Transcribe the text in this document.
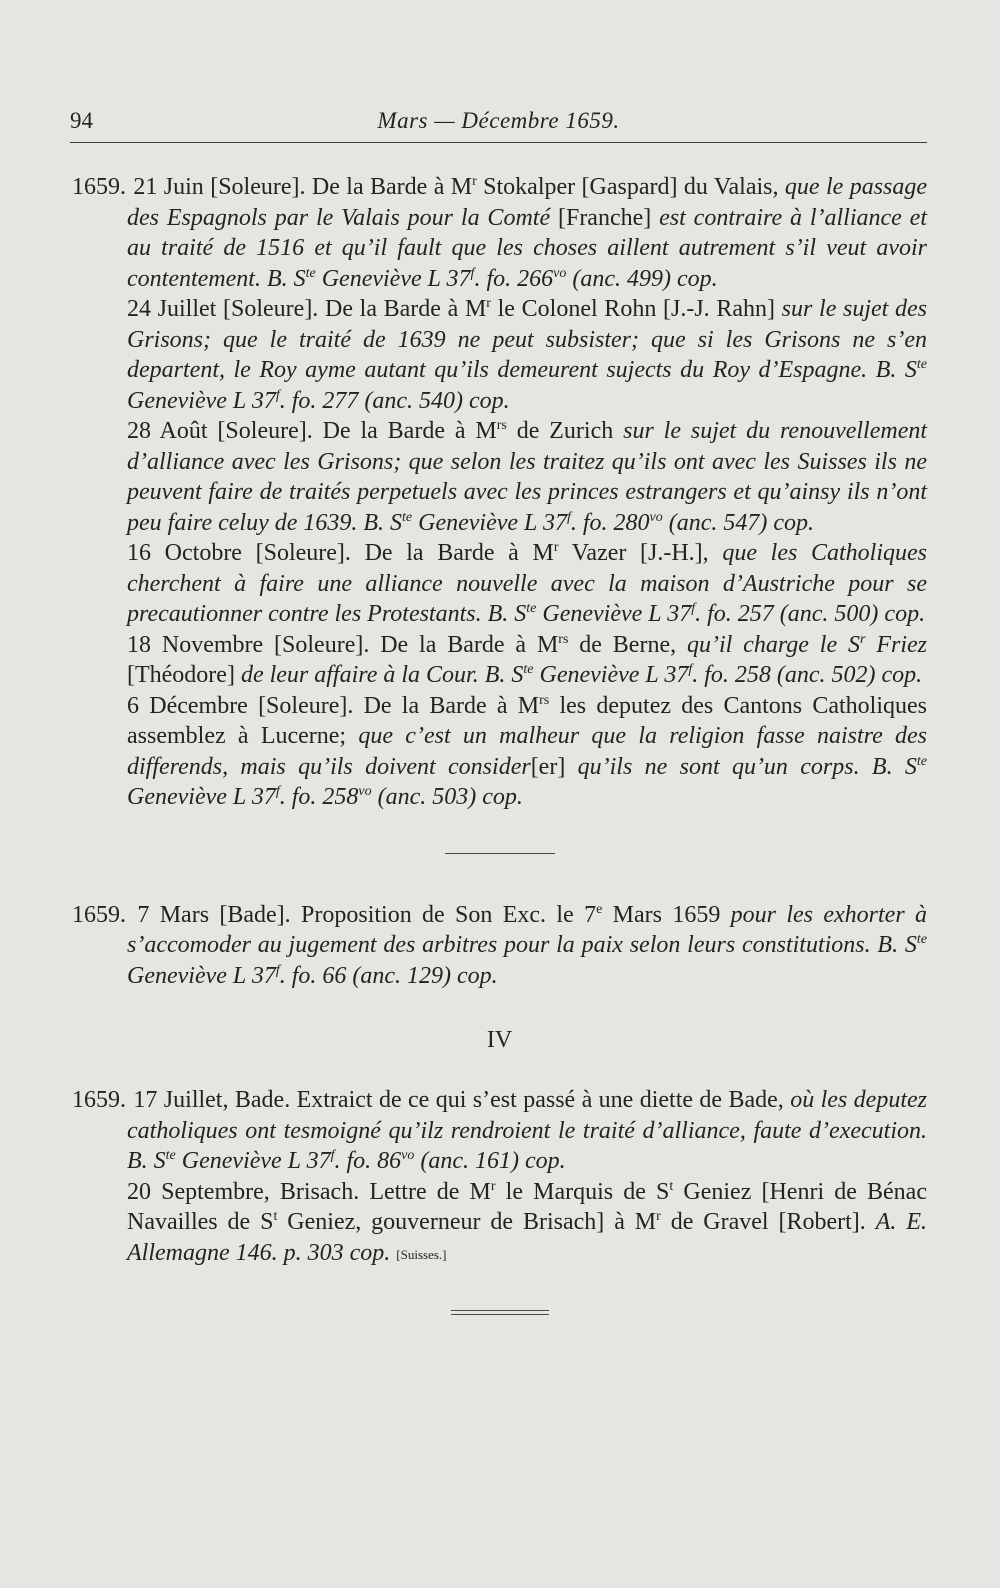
94	Mars — Décembre 1659.

1659. 21 Juin [Soleure]. De la Barde à $M^r$ Stokalper [Gaspard] du Valais, que le passage des Espagnols par le Valais pour la Comté [Franche] est contraire à l’alliance et au traité de 1516 et qu’il fault que les choses aillent autrement s’il veut avoir contentement. B. $S^{te}$ Geneviève L 37$^f$. fo. $266^{vo}$ (anc. 499) cop.

24 Juillet [Soleure]. De la Barde à $M^r$ le Colonel Rohn [J.-J. Rahn] sur le sujet des Grisons; que le traité de 1639 ne peut subsister; que si les Grisons ne s’en departent, le Roy ayme autant qu’ils demeurent sujects du Roy d’Espagne. B. $S^{te}$ Geneviève L 37$^f$. fo. 277 (anc. 540) cop.

28 Août [Soleure]. De la Barde à $M^{rs}$ de Zurich sur le sujet du renouvellement d’alliance avec les Grisons; que selon les traitez qu’ils ont avec les Suisses ils ne peuvent faire de traités perpetuels avec les princes estrangers et qu’ainsy ils n’ont peu faire celuy de 1639. B. $S^{te}$ Geneviève L 37$^f$. fo. $280^{vo}$ (anc. 547) cop.

16 Octobre [Soleure]. De la Barde à $M^r$ Vazer [J.-H.], que les Catholiques cherchent à faire une alliance nouvelle avec la maison d’Austriche pour se precautionner contre les Protestants. B. $S^{te}$ Geneviève L 37$^f$. fo. 257 (anc. 500) cop.

18 Novembre [Soleure]. De la Barde à $M^{rs}$ de Berne, qu’il charge le $S^r$ Friez [Théodore] de leur affaire à la Cour. B. $S^{te}$ Geneviève L 37$^f$. fo. 258 (anc. 502) cop.

6 Décembre [Soleure]. De la Barde à $M^{rs}$ les deputez des Cantons Catholiques assemblez à Lucerne; que c’est un malheur que la religion fasse naistre des differends, mais qu’ils doivent consider[er] qu’ils ne sont qu’un corps. B. $S^{te}$ Geneviève L 37$^f$. fo. $258^{vo}$ (anc. 503) cop.

1659. 7 Mars [Bade]. Proposition de Son Exc. le 7e Mars 1659 pour les exhorter à s’accomoder au jugement des arbitres pour la paix selon leurs constitutions. B. $S^{te}$ Geneviève L 37$^f$. fo. 66 (anc. 129) cop.

IV

1659. 17 Juillet, Bade. Extraict de ce qui s’est passé à une diette de Bade, où les deputez catholiques ont tesmoigné qu’ilz rendroient le traité d’alliance, faute d’execution. B. $S^{te}$ Geneviève L 37$^f$. fo. $86^{vo}$ (anc. 161) cop.

20 Septembre, Brisach. Lettre de $M^r$ le Marquis de $S^t$ Geniez [Henri de Bénac Navailles de $S^t$ Geniez, gouverneur de Brisach] à $M^r$ de Gravel [Robert]. A. E. Allemagne 146. p. 303 cop. [Suisses.]
